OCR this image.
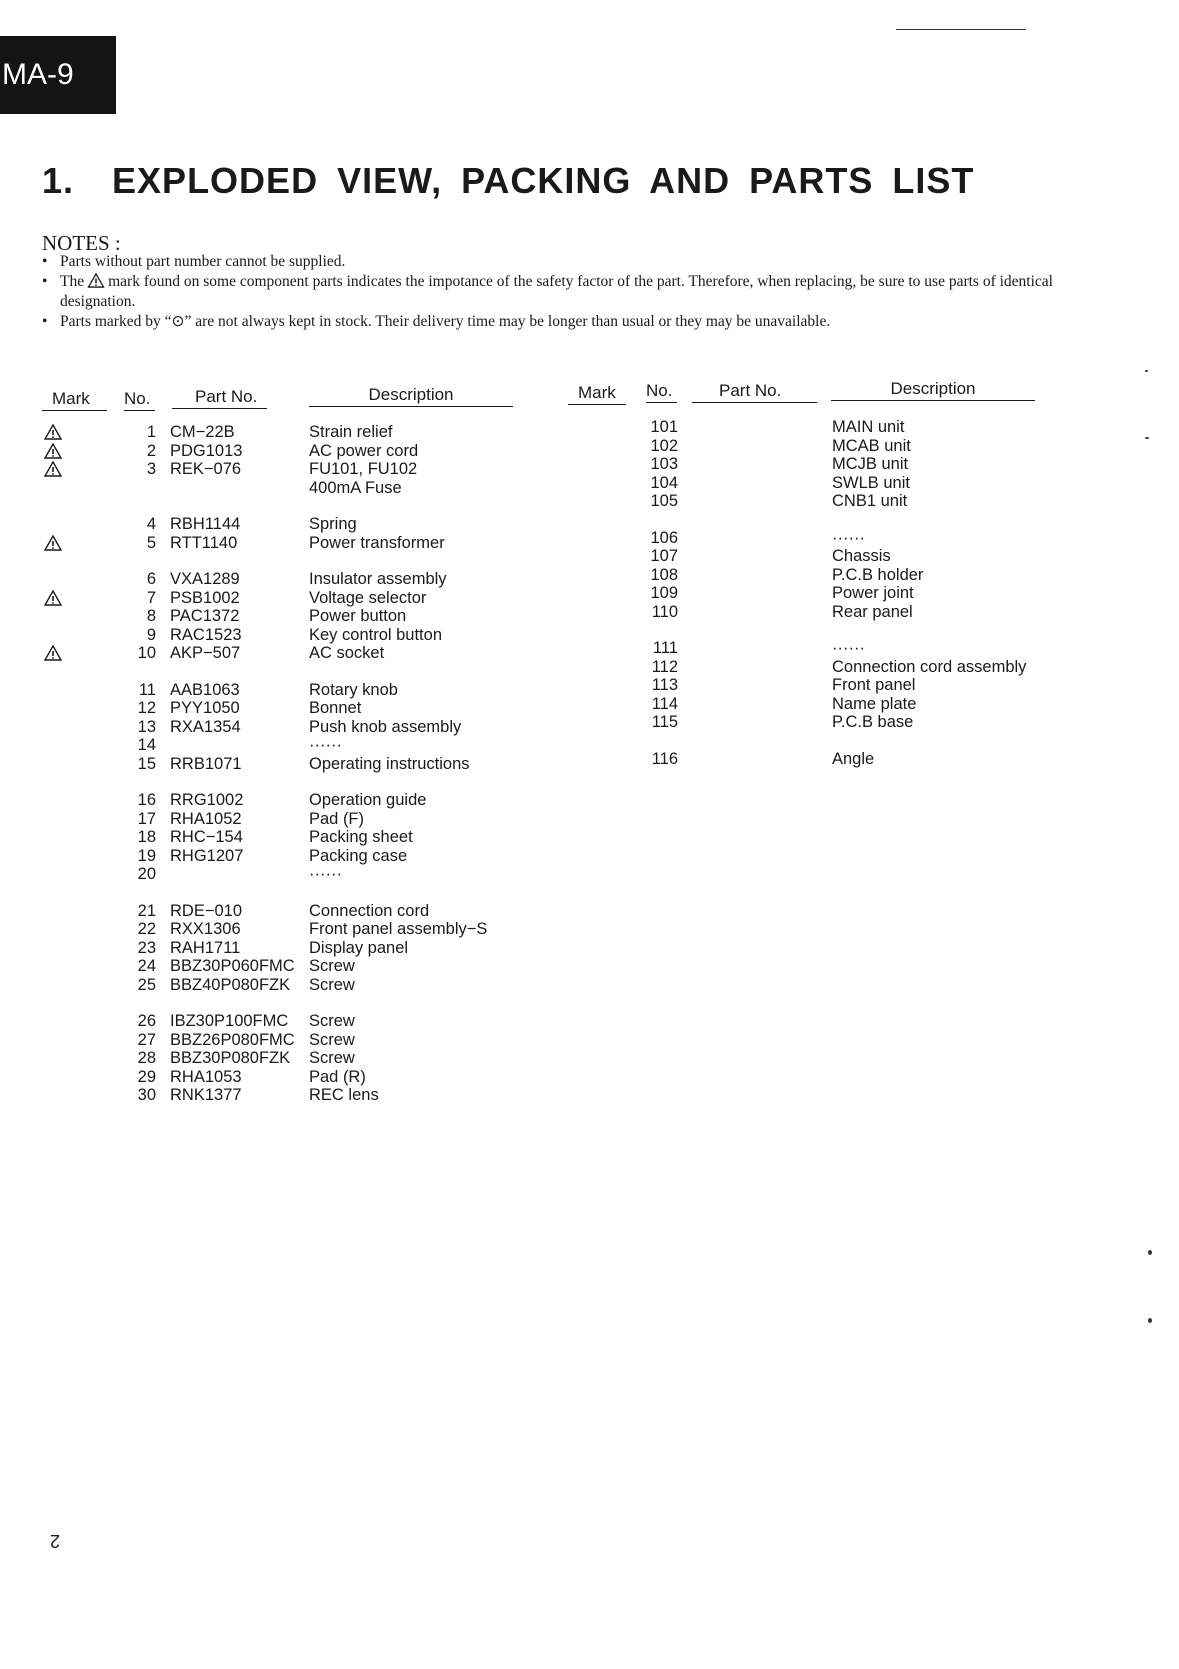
MA-9
1.  EXPLODED VIEW, PACKING AND PARTS LIST
NOTES :
• Parts without part number cannot be supplied.
• The mark found on some component parts indicates the impotance of the safety factor of the part. Therefore, when replacing, be sure to use parts of identical designation.
• Parts marked by “⊙” are not always kept in stock. Their delivery time may be longer than usual or they may be unavailable.
Mark	No.	Part No.	Description	Mark	No.	Part No.	Description
1 CM−22B	Strain relief
2 PDG1013	AC power cord
3 REK−076	FU101, FU102
400mA Fuse
4 RBH1144	Spring
5 RTT1140	Power transformer
6 VXA1289	Insulator assembly
7 PSB1002	Voltage selector
8 PAC1372	Power button
9 RAC1523	Key control button
10 AKP−507	AC socket
11 AAB1063	Rotary knob
12 PYY1050	Bonnet
13 RXA1354	Push knob assembly
14	······
15 RRB1071	Operating instructions
16 RRG1002	Operation guide
17 RHA1052	Pad (F)
18 RHC−154	Packing sheet
19 RHG1207	Packing case
20	······
21 RDE−010	Connection cord
22 RXX1306	Front panel assembly−S
23 RAH1711	Display panel
24 BBZ30P060FMC Screw
25 BBZ40P080FZK Screw
26 IBZ30P100FMC Screw
27 BBZ26P080FMC Screw
28 BBZ30P080FZK Screw
29 RHA1053	Pad (R)
30 RNK1377	REC lens
101	MAIN unit
102	MCAB unit
103	MCJB unit
104	SWLB unit
105	CNB1 unit
106	······
107	Chassis
108	P.C.B holder
109	Power joint
110	Rear panel
111	······
112	Connection cord assembly
113	Front panel
114	Name plate
115	P.C.B base
116	Angle
2
